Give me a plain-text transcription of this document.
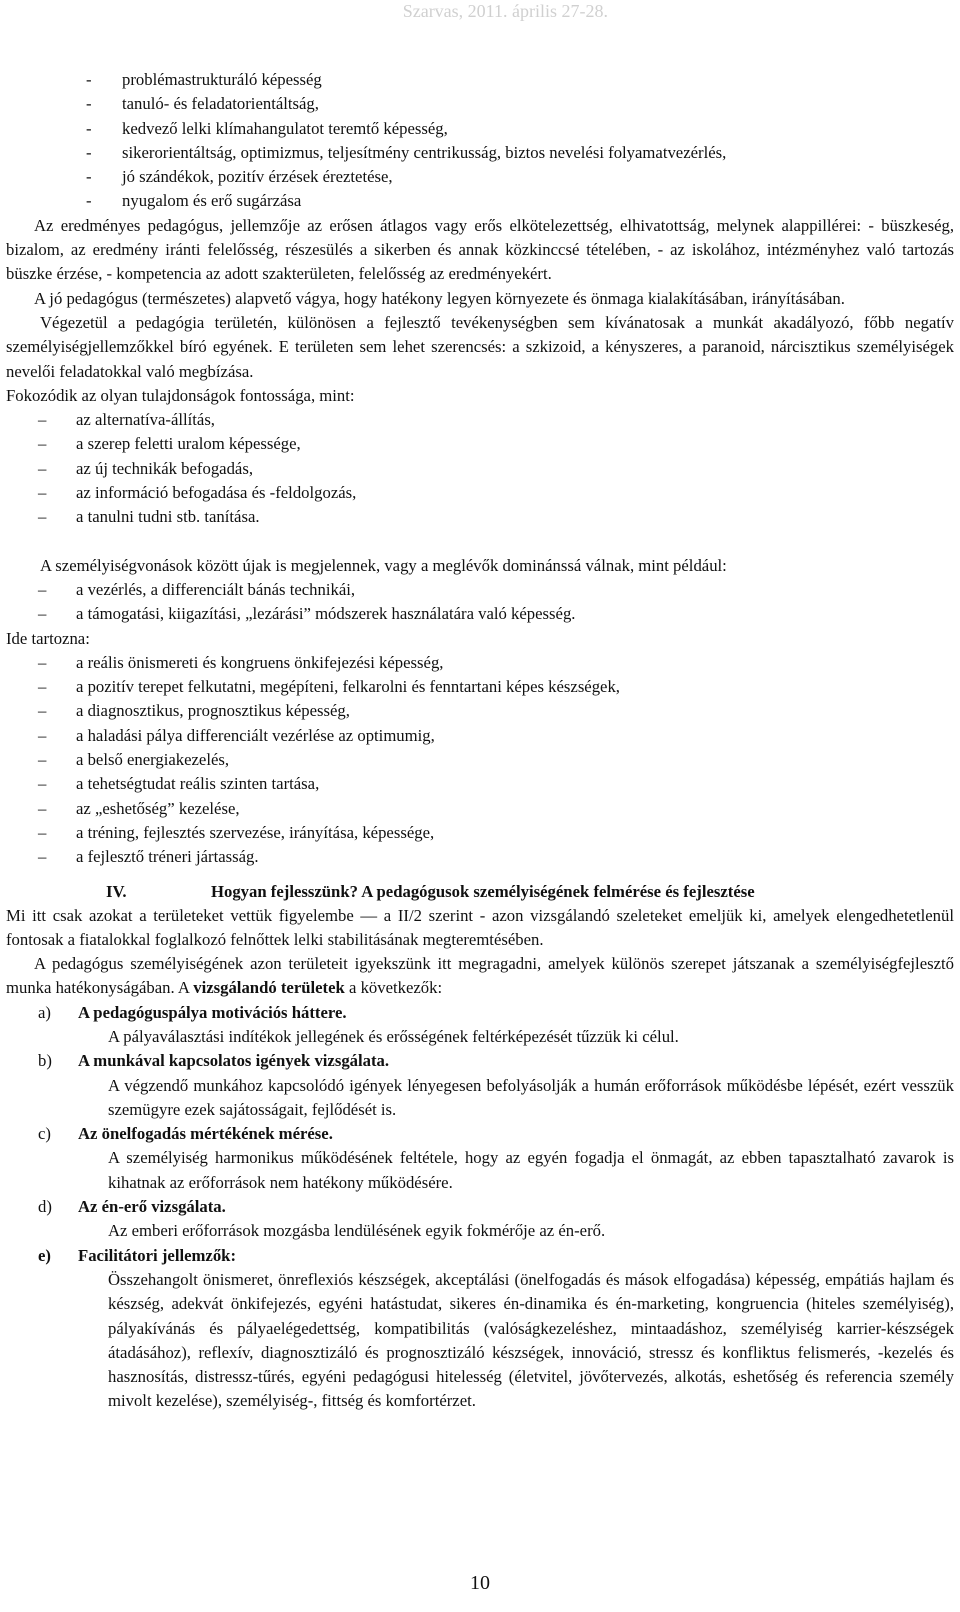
Szarvas, 2011. április 27-28.
- problémastrukturáló képesség
- tanuló- és feladatorientáltság,
- kedvező lelki klímahangulatot teremtő képesség,
- sikerorientáltság, optimizmus, teljesítmény centrikusság, biztos nevelési folyamatvezérlés,
- jó szándékok, pozitív érzések éreztetése,
- nyugalom és erő sugárzása

Az eredményes pedagógus, jellemzője az erősen átlagos vagy erős elkötelezettség, elhivatottság, melynek alappillérei: - büszkeség, bizalom, az eredmény iránti felelősség, részesülés a sikerben és annak közkinccsé tételében, - az iskolához, intézményhez való tartozás büszke érzése, - kompetencia az adott szakterületen, felelősség az eredményekért.

A jó pedagógus (természetes) alapvető vágya, hogy hatékony legyen környezete és önmaga kialakításában, irányításában.

Végezetül a pedagógia területén, különösen a fejlesztő tevékenységben sem kívánatosak a munkát akadályozó, főbb negatív személyiségjellemzőkkel bíró egyének. E területen sem lehet szerencsés: a szkizoid, a kényszeres, a paranoid, nárcisztikus személyiségek nevelői feladatokkal való megbízása.

Fokozódik az olyan tulajdonságok fontossága, mint:

– az alternatíva-állítás,
– a szerep feletti uralom képessége,
– az új technikák befogadás,
– az információ befogadása és -feldolgozás,
– a tanulni tudni stb. tanítása.

A személyiségvonások között újak is megjelennek, vagy a meglévők dominánssá válnak, mint például:

– a vezérlés, a differenciált bánás technikái,
– a támogatási, kiigazítási, „lezárási” módszerek használatára való képesség.

Ide tartozna:

– a reális önismereti és kongruens önkifejezési képesség,
– a pozitív terepet felkutatni, megépíteni, felkarolni és fenntartani képes készségek,
– a diagnosztikus, prognosztikus képesség,
– a haladási pálya differenciált vezérlése az optimumig,
– a belső energiakezelés,
– a tehetségtudat reális szinten tartása,
– az „eshetőség” kezelése,
– a tréning, fejlesztés szervezése, irányítása, képessége,
– a fejlesztő tréneri jártasság.
IV.	Hogyan fejlesszünk? A pedagógusok személyiségének felmérése és fejlesztése

Mi itt csak azokat a területeket vettük figyelembe — a II/2 szerint - azon vizsgálandó szeleteket emeljük ki, amelyek elengedhetetlenül fontosak a fiatalokkal foglalkozó felnőttek lelki stabilitásának megteremtésében.

A pedagógus személyiségének azon területeit igyekszünk itt megragadni, amelyek különös szerepet játszanak a személyiségfejlesztő munka hatékonyságában. A vizsgálandó területek a következők:

a) A pedagóguspálya motivációs háttere.
A pályaválasztási indítékok jellegének és erősségének feltérképezését tűzzük ki célul.
b) A munkával kapcsolatos igények vizsgálata.
A végzendő munkához kapcsolódó igények lényegesen befolyásolják a humán erőforrások működésbe lépését, ezért vesszük szemügyre ezek sajátosságait, fejlődését is.
c) Az önelfogadás mértékének mérése.
A személyiség harmonikus működésének feltétele, hogy az egyén fogadja el önmagát, az ebben tapasztalható zavarok is kihatnak az erőforrások nem hatékony működésére.
d) Az én-erő vizsgálata.
Az emberi erőforrások mozgásba lendülésének egyik fokmérője az én-erő.
e) Facilitátori jellemzők:
Összehangolt önismeret, önreflexiós készségek, akceptálási (önelfogadás és mások elfogadása) képesség, empátiás hajlam és készség, adekvát önkifejezés, egyéni hatástudat, sikeres én-dinamika és én-marketing, kongruencia (hiteles személyiség), pályakívánás és pályaelégedettség, kompatibilitás (valóságkezeléshez, mintaadáshoz, személyiség karrier-készségek átadásához), reflexív, diagnosztizáló és prognosztizáló készségek, innováció, stressz és konfliktus felismerés, -kezelés és hasznosítás, distressz-tűrés, egyéni pedagógusi hitelesség (életvitel, jövőtervezés, alkotás, eshetőség és referencia személy mivolt kezelése), személyiség-, fittség és komfortérzet.
10
